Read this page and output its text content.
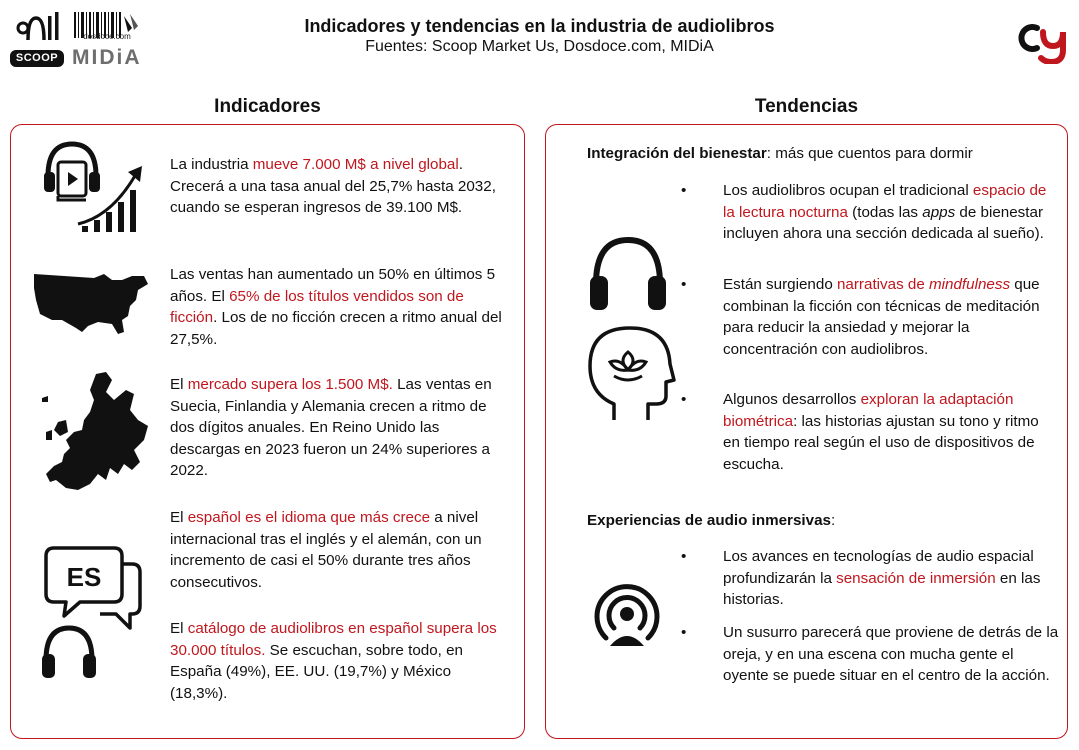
Indicadores y tendencias en la industria de audiolibros
Fuentes: Scoop Market Us, Dosdoce.com, MIDiA
SCOOP
dosdoce.com
MIDiA
Indicadores	Tendencias
ES
La industria mueve 7.000 M$ a nivel global. Crecerá a una tasa anual del 25,7% hasta 2032, cuando se esperan ingresos de 39.100 M$.
Las ventas han aumentado un 50% en últimos 5 años. El 65% de los títulos vendidos son de ficción. Los de no ficción crecen a ritmo anual del 27,5%.
El mercado supera los 1.500 M$. Las ventas en Suecia, Finlandia y Alemania crecen a ritmo de dos dígitos anuales. En Reino Unido las descargas en 2023 fueron un 24% superiores a 2022.
El español es el idioma que más crece a nivel internacional tras el inglés y el alemán, con un incremento de casi el 50% durante tres años consecutivos.
El catálogo de audiolibros en español supera los 30.000 títulos. Se escuchan, sobre todo, en España (49%), EE. UU. (19,7%) y México (18,3%).
Integración del bienestar: más que cuentos para dormir
•	Los audiolibros ocupan el tradicional espacio de la lectura nocturna (todas las apps de bienestar incluyen ahora una sección dedicada al sueño).
•	Están surgiendo narrativas de mindfulness que combinan la ficción con técnicas de meditación para reducir la ansiedad y mejorar la concentración con audiolibros.
•	Algunos desarrollos exploran la adaptación biométrica: las historias ajustan su tono y ritmo en tiempo real según el uso de dispositivos de escucha.
Experiencias de audio inmersivas:
•	Los avances en tecnologías de audio espacial profundizarán la sensación de inmersión en las historias.
•	Un susurro parecerá que proviene de detrás de la oreja, y en una escena con mucha gente el oyente se puede situar en el centro de la acción.
